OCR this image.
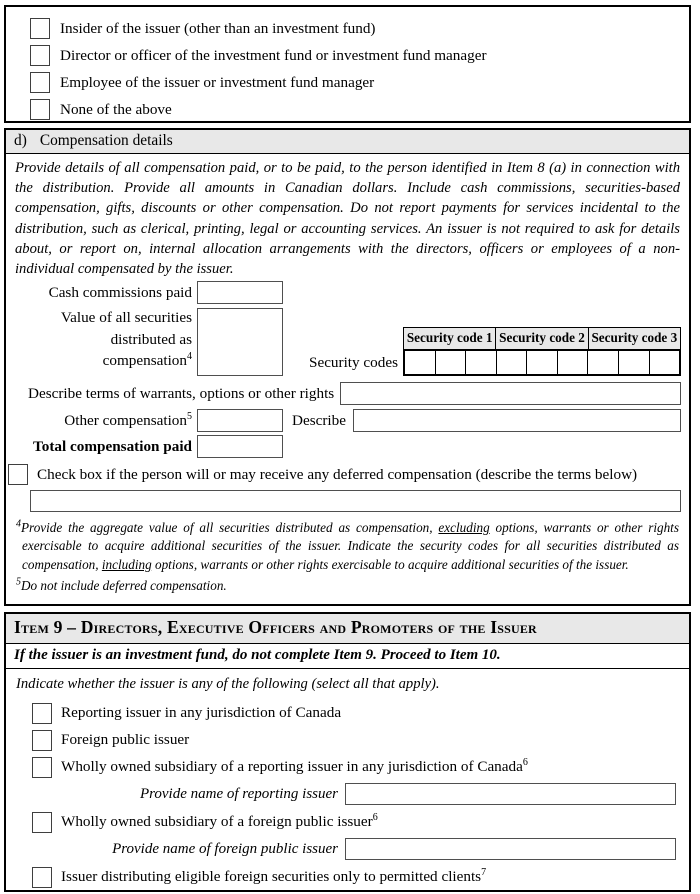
Insider of the issuer (other than an investment fund)
Director or officer of the investment fund or investment fund manager
Employee of the issuer or investment fund manager
None of the above
d) Compensation details
Provide details of all compensation paid, or to be paid, to the person identified in Item 8 (a) in connection with the distribution. Provide all amounts in Canadian dollars. Include cash commissions, securities-based compensation, gifts, discounts or other compensation. Do not report payments for services incidental to the distribution, such as clerical, printing, legal or accounting services. An issuer is not required to ask for details about, or report on, internal allocation arrangements with the directors, officers or employees of a non-individual compensated by the issuer.
Cash commissions paid
Value of all securities
distributed as
compensation$^4$	Security codes
Security code 1 Security code 2 Security code 3
Describe terms of warrants, options or other rights
Other compensation$^5$	Describe
Total compensation paid
Check box if the person will or may receive any deferred compensation (describe the terms below)

$^4$Provide the aggregate value of all securities distributed as compensation, excluding options, warrants or other rights exercisable to acquire additional securities of the issuer. Indicate the security codes for all securities distributed as compensation, including options, warrants or other rights exercisable to acquire additional securities of the issuer.

$^5$Do not include deferred compensation.

Item 9 – Directors, Executive Officers and Promoters of the Issuer
If the issuer is an investment fund, do not complete Item 9. Proceed to Item 10.
Indicate whether the issuer is any of the following (select all that apply).
Reporting issuer in any jurisdiction of Canada
Foreign public issuer
Wholly owned subsidiary of a reporting issuer in any jurisdiction of Canada$^6$
Provide name of reporting issuer
Wholly owned subsidiary of a foreign public issuer$^6$
Provide name of foreign public issuer
Issuer distributing eligible foreign securities only to permitted clients$^7$
